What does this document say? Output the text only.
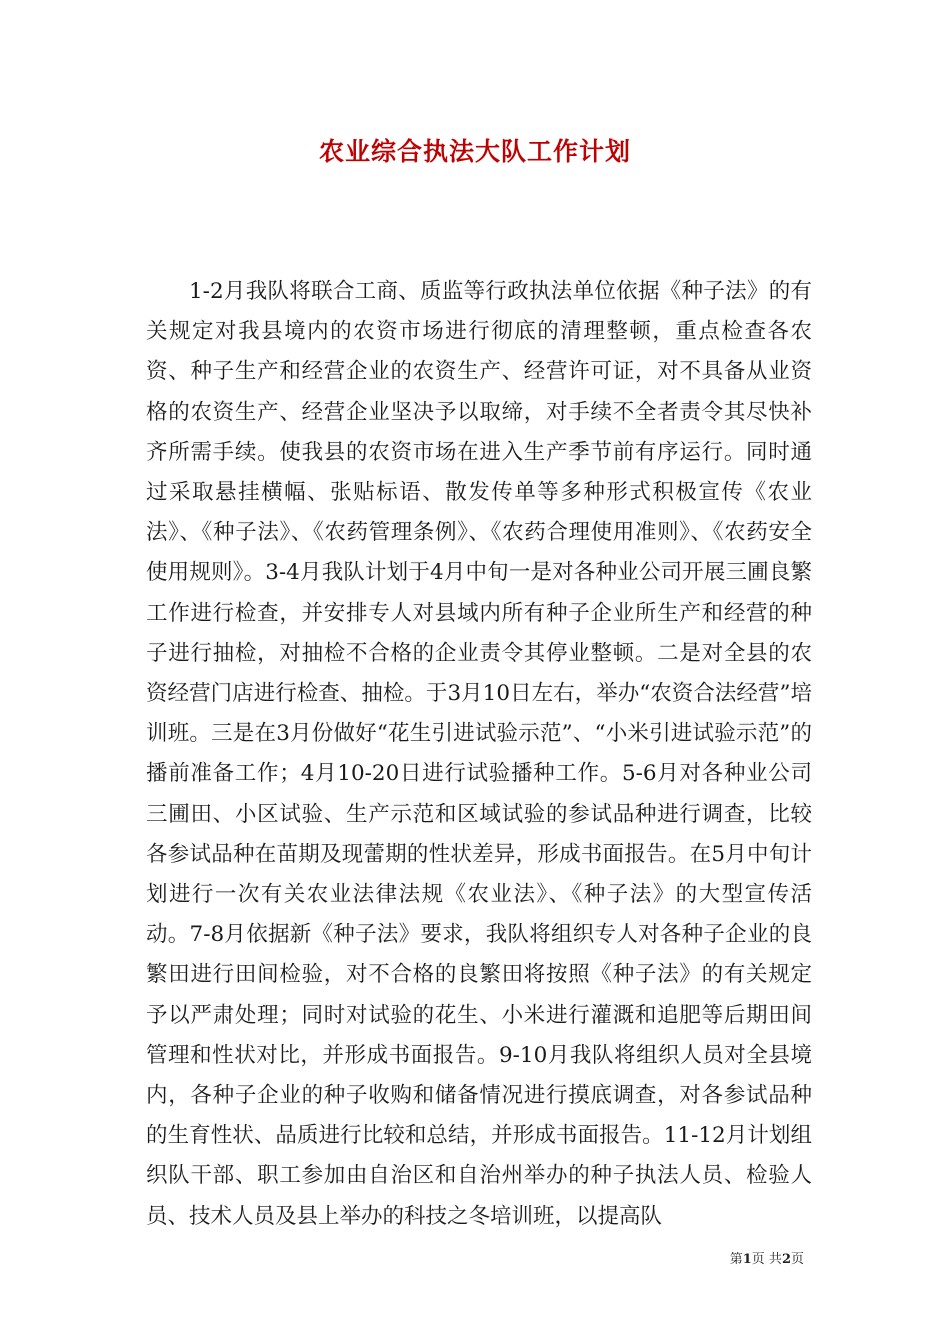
农业综合执法大队工作计划

1-2月我队将联合工商、质监等行政执法单位依据《种子法》的有关规定对我县境内的农资市场进行彻底的清理整顿，重点检查各农资、种子生产和经营企业的农资生产、经营许可证，对不具备从业资格的农资生产、经营企业坚决予以取缔，对手续不全者责令其尽快补齐所需手续。使我县的农资市场在进入生产季节前有序运行。同时通过采取悬挂横幅、张贴标语、散发传单等多种形式积极宣传《农业法》、《种子法》、《农药管理条例》、《农药合理使用准则》、《农药安全使用规则》。3-4月我队计划于4月中旬一是对各种业公司开展三圃良繁工作进行检查，并安排专人对县域内所有种子企业所生产和经营的种子进行抽检，对抽检不合格的企业责令其停业整顿。二是对全县的农资经营门店进行检查、抽检。于3月10日左右，举办“农资合法经营”培训班。三是在3月份做好“花生引进试验示范”、“小米引进试验示范”的播前准备工作；4月10-20日进行试验播种工作。5-6月对各种业公司三圃田、小区试验、生产示范和区域试验的参试品种进行调查，比较各参试品种在苗期及现蕾期的性状差异，形成书面报告。在5月中旬计划进行一次有关农业法律法规《农业法》、《种子法》的大型宣传活动。7-8月依据新《种子法》要求，我队将组织专人对各种子企业的良繁田进行田间检验，对不合格的良繁田将按照《种子法》的有关规定予以严肃处理；同时对试验的花生、小米进行灌溉和追肥等后期田间管理和性状对比，并形成书面报告。9-10月我队将组织人员对全县境内，各种子企业的种子收购和储备情况进行摸底调查，对各参试品种的生育性状、品质进行比较和总结，并形成书面报告。11-12月计划组织队干部、职工参加由自治区和自治州举办的种子执法人员、检验人员、技术人员及县上举办的科技之冬培训班，以提高队

第1页 共2页
